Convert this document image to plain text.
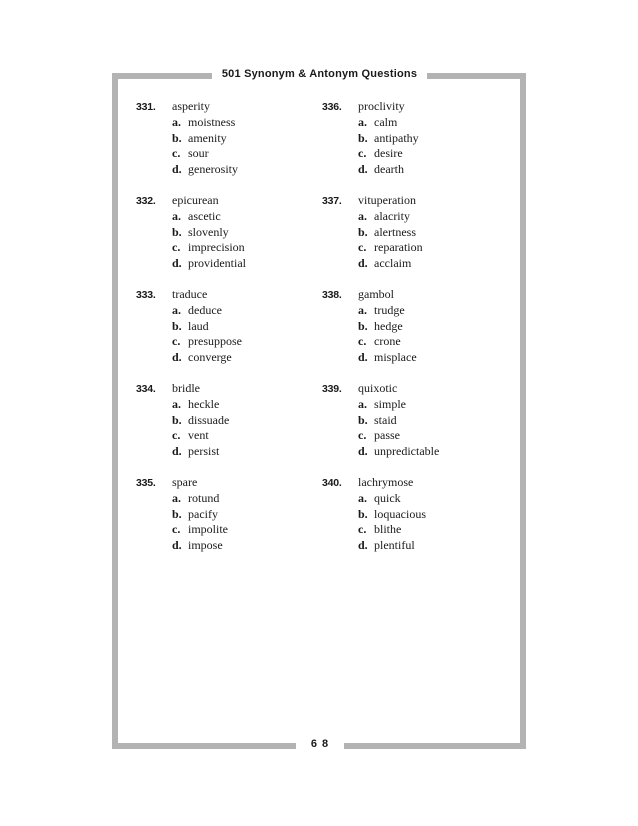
501 Synonym & Antonym Questions
6 8
331.	asperity
a. moistness
b. amenity
c. sour
d. generosity
332.	epicurean
a. ascetic
b. slovenly
c. imprecision
d. providential
333.	traduce
a. deduce
b. laud
c. presuppose
d. converge
334.	bridle
a. heckle
b. dissuade
c. vent
d. persist
335.	spare
a. rotund
b. pacify
c. impolite
d. impose
336.	proclivity
a. calm
b. antipathy
c. desire
d. dearth
337.	vituperation
a. alacrity
b. alertness
c. reparation
d. acclaim
338.	gambol
a. trudge
b. hedge
c. crone
d. misplace
339.	quixotic
a. simple
b. staid
c. passe
d. unpredictable
340.	lachrymose
a. quick
b. loquacious
c. blithe
d. plentiful
